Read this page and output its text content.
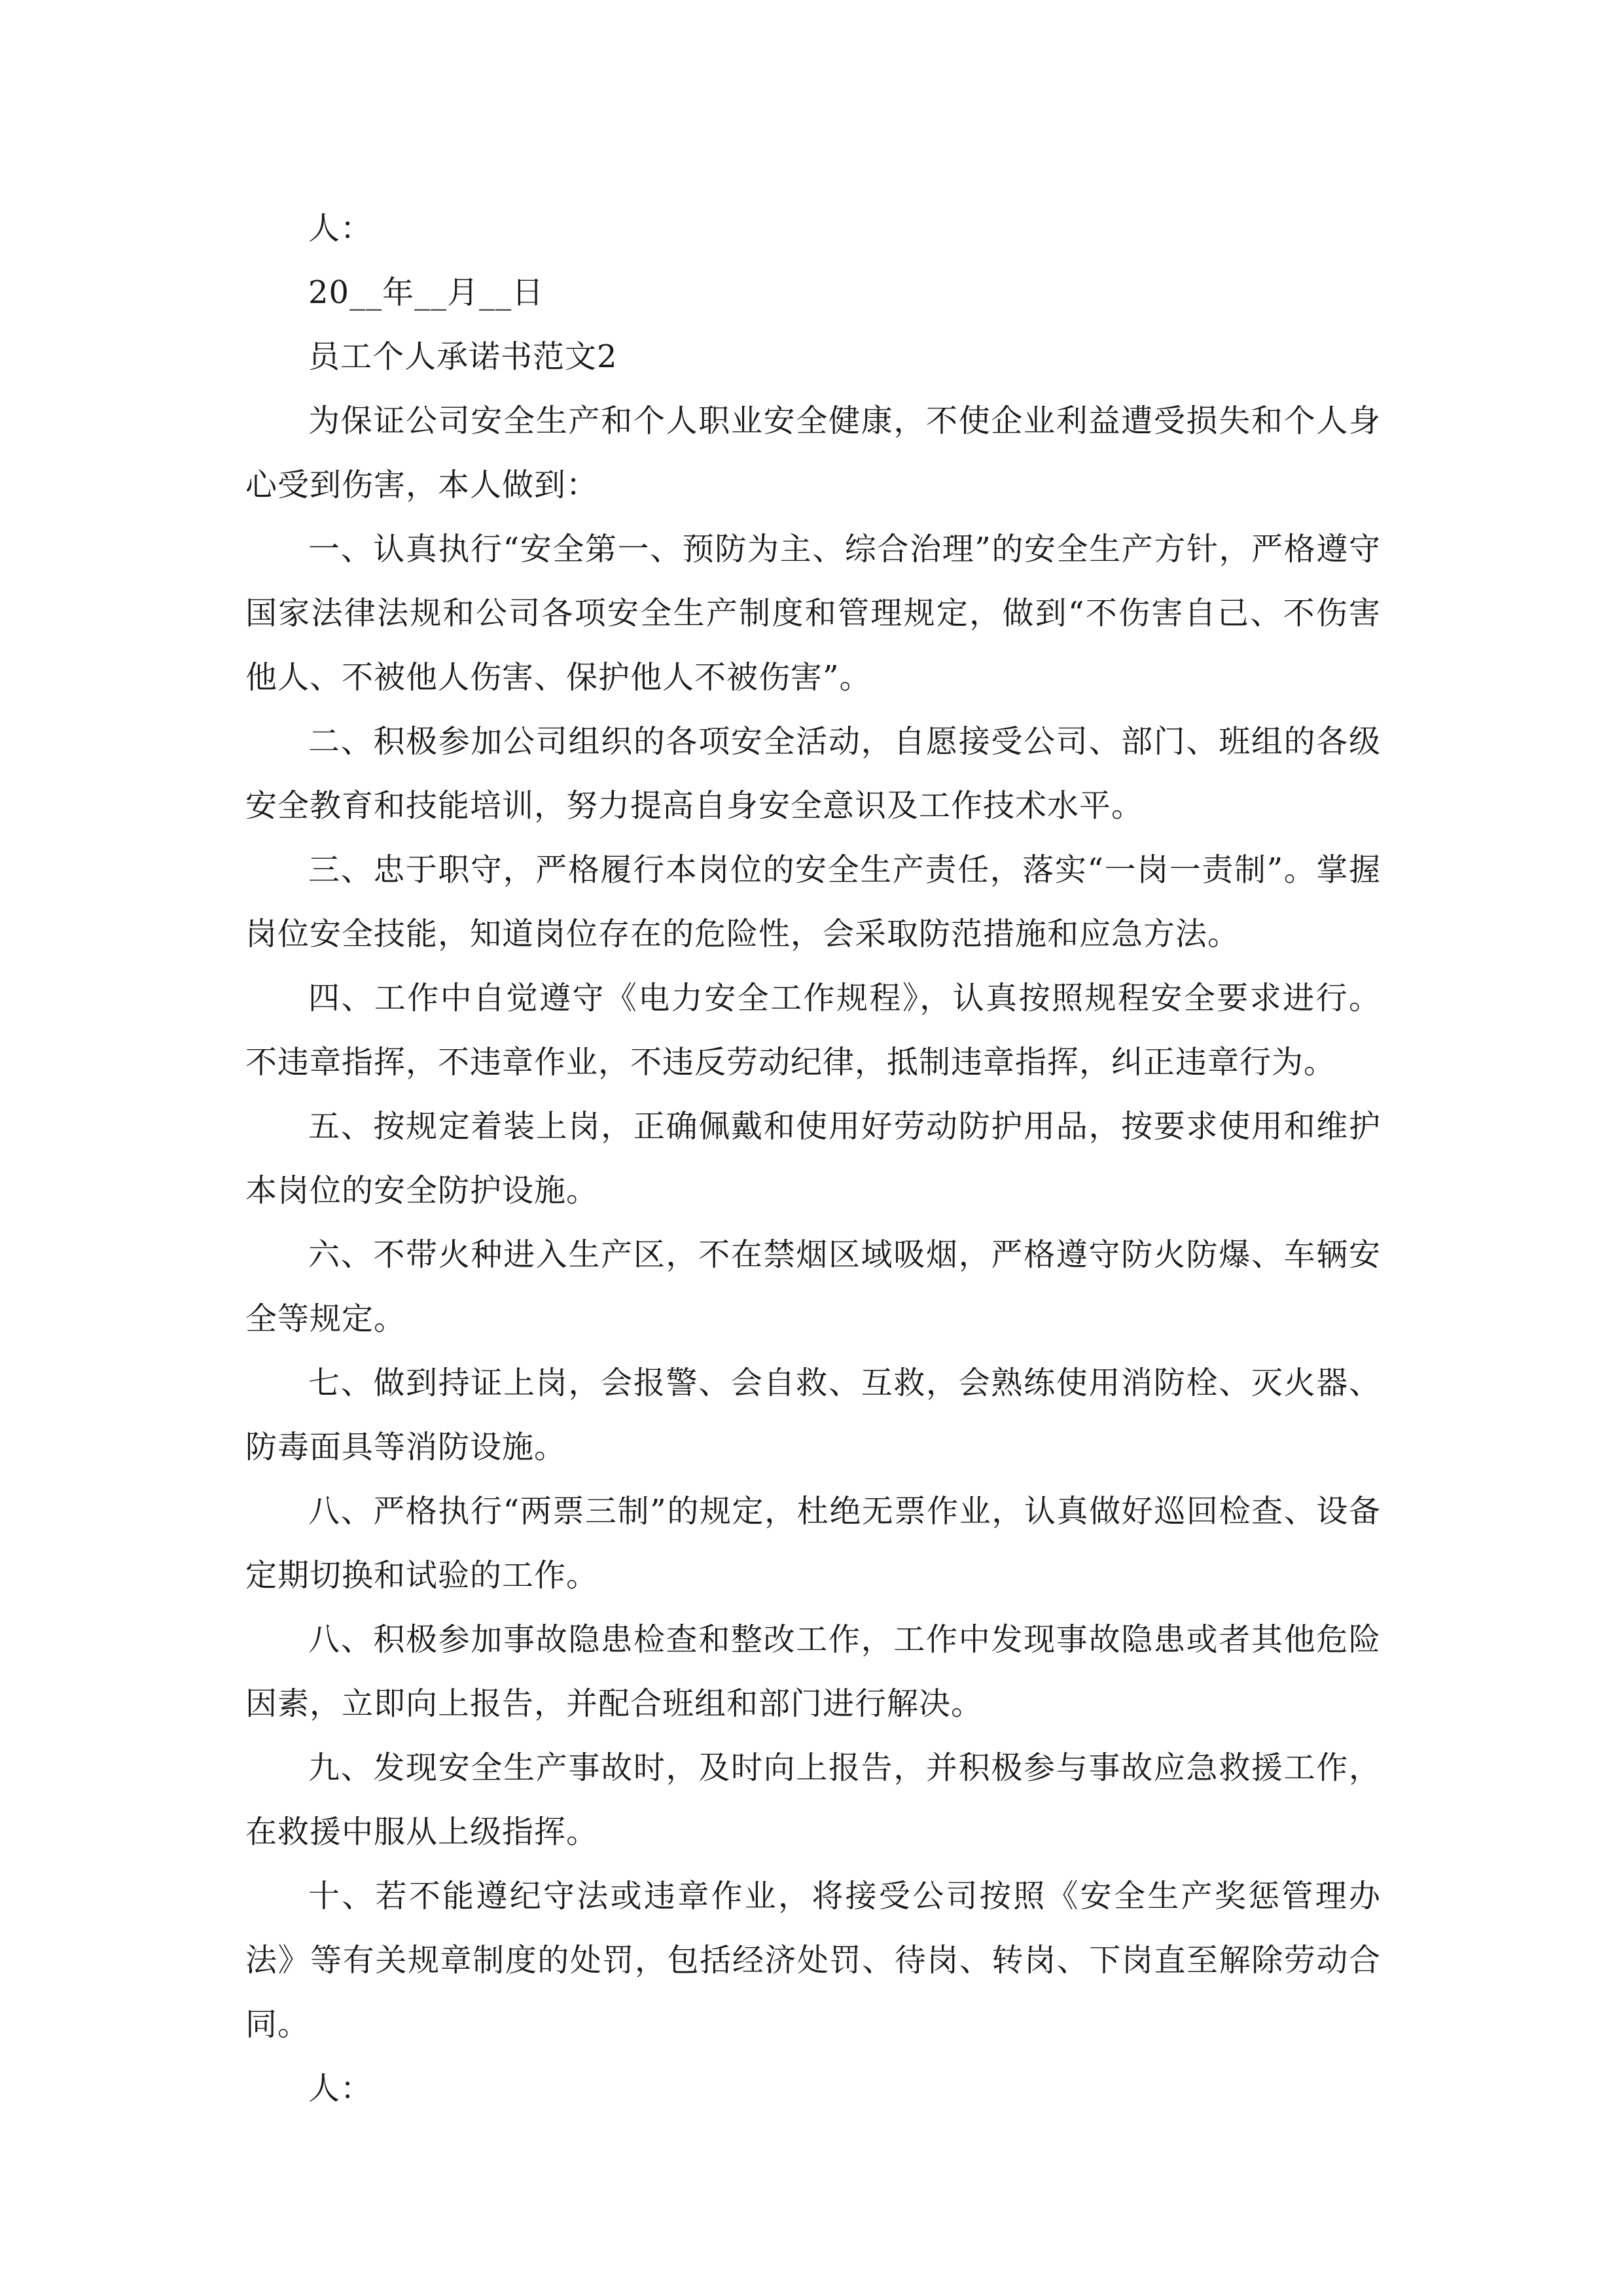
人：

20__年__月__日

员工个人承诺书范文2

为保证公司安全生产和个人职业安全健康，不使企业利益遭受损失和个人身心受到伤害，本人做到：

一、认真执行“安全第一、预防为主、综合治理”的安全生产方针，严格遵守国家法律法规和公司各项安全生产制度和管理规定，做到“不伤害自己、不伤害他人、不被他人伤害、保护他人不被伤害”。

二、积极参加公司组织的各项安全活动，自愿接受公司、部门、班组的各级安全教育和技能培训，努力提高自身安全意识及工作技术水平。

三、忠于职守，严格履行本岗位的安全生产责任，落实“一岗一责制”。掌握岗位安全技能，知道岗位存在的危险性，会采取防范措施和应急方法。

四、工作中自觉遵守《电力安全工作规程》，认真按照规程安全要求进行。不违章指挥，不违章作业，不违反劳动纪律，抵制违章指挥，纠正违章行为。

五、按规定着装上岗，正确佩戴和使用好劳动防护用品，按要求使用和维护本岗位的安全防护设施。

六、不带火种进入生产区，不在禁烟区域吸烟，严格遵守防火防爆、车辆安全等规定。

七、做到持证上岗，会报警、会自救、互救，会熟练使用消防栓、灭火器、防毒面具等消防设施。

八、严格执行“两票三制”的规定，杜绝无票作业，认真做好巡回检查、设备定期切换和试验的工作。

八、积极参加事故隐患检查和整改工作，工作中发现事故隐患或者其他危险因素，立即向上报告，并配合班组和部门进行解决。

九、发现安全生产事故时，及时向上报告，并积极参与事故应急救援工作，在救援中服从上级指挥。

十、若不能遵纪守法或违章作业，将接受公司按照《安全生产奖惩管理办法》等有关规章制度的处罚，包括经济处罚、待岗、转岗、下岗直至解除劳动合同。

人：
